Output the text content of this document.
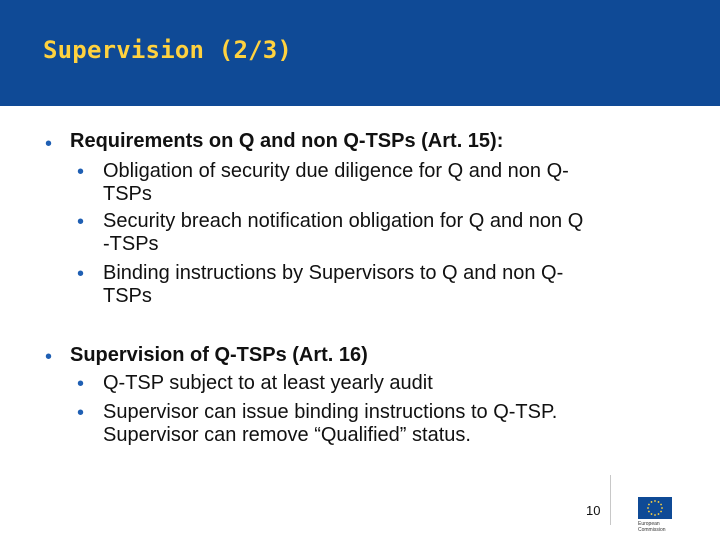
Supervision (2/3)
• Requirements on Q and non Q-TSPs (Art. 15):
• Obligation of security due diligence for Q and non Q-
TSPs
• Security breach notification obligation for Q and non Q
-TSPs
• Binding instructions by Supervisors to Q and non Q-
TSPs
• Supervision of Q-TSPs (Art. 16)
• Q-TSP subject to at least yearly audit
• Supervisor can issue binding instructions to Q-TSP.
Supervisor can remove “Qualified” status.
10
European
Commission
